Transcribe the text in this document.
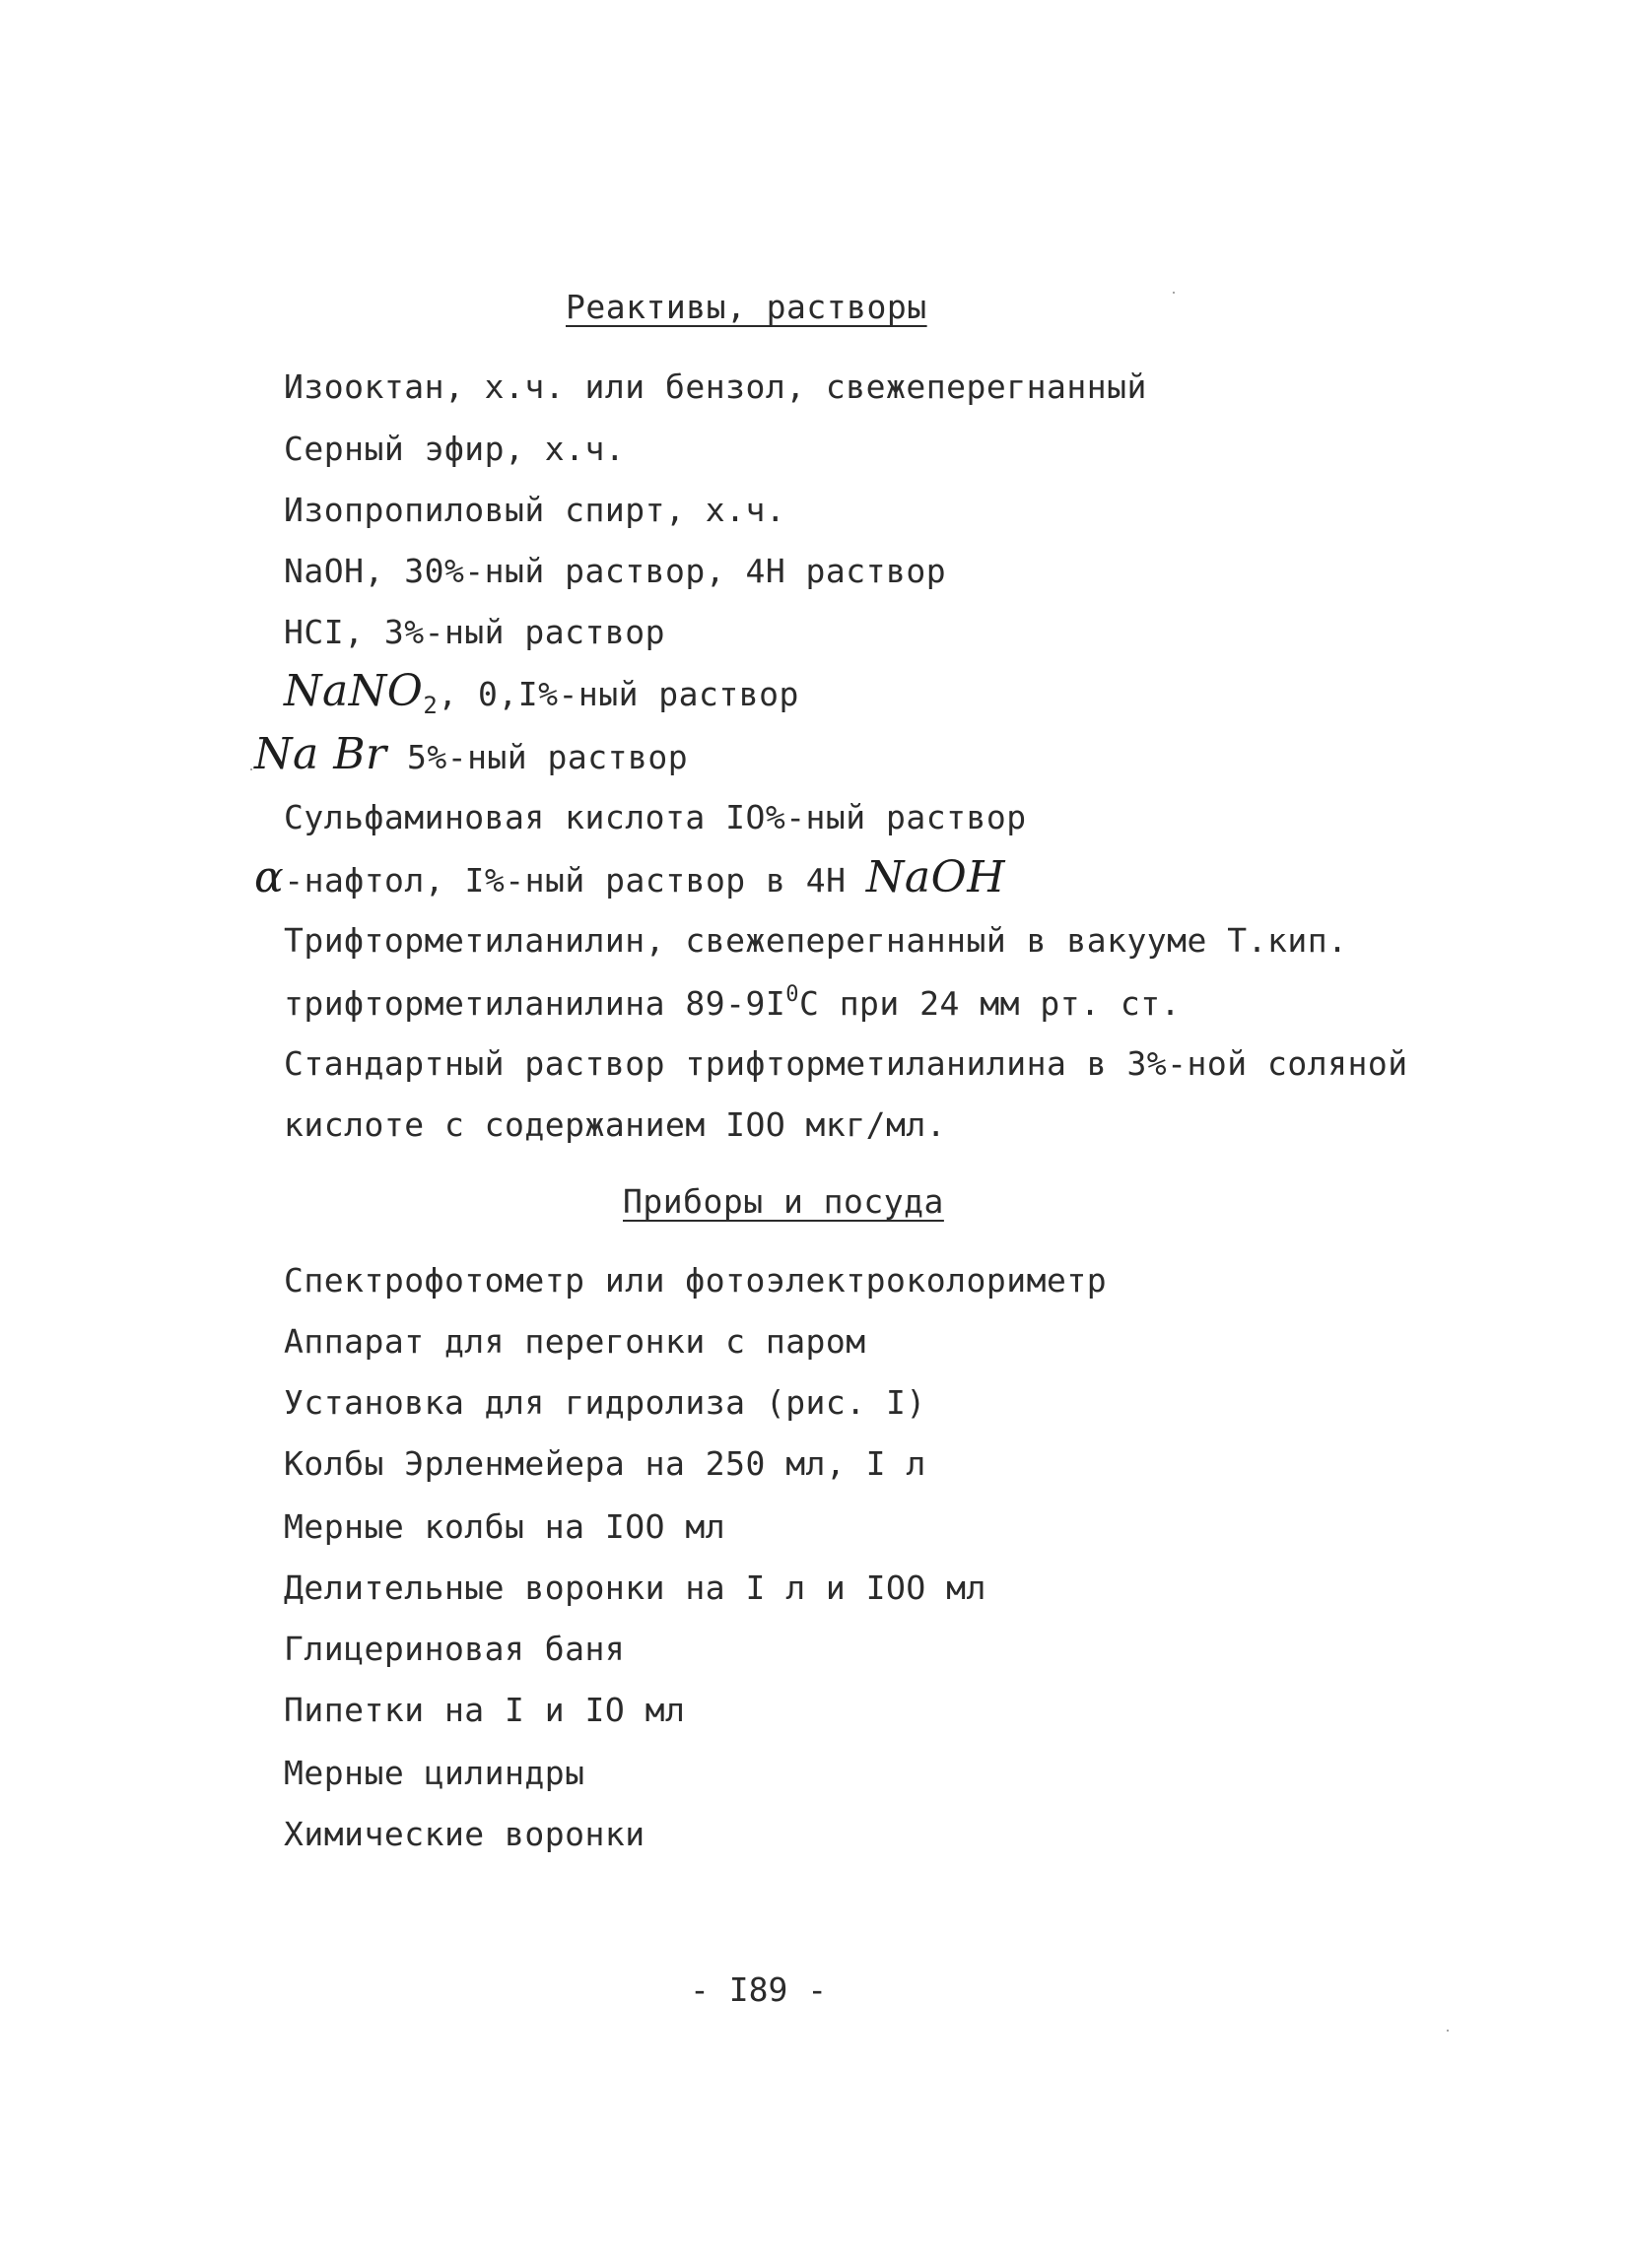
Реактивы, растворы
Изооктан, х.ч. или бензол, свежеперегнанный
Серный эфир, х.ч.
Изопропиловый спирт, х.ч.
NaOH, 30%-ный раствор, 4Н раствор
HCI, 3%-ный раствор
NaNO$_2$, 0,I%-ный раствор
Na Br 5%-ный раствор
Сульфаминовая кислота IO%-ный раствор
α-нафтол, I%-ный раствор в 4Н NaOH
Трифторметиланилин, свежеперегнанный в вакууме Т.кип.
трифторметиланилина $89-9I^0C$ при 24 мм рт. ст.
Стандартный раствор трифторметиланилина в 3%-ной соляной
кислоте с содержанием IOO мкг/мл.
Приборы и посуда
Спектрофотометр или фотоэлектроколориметр
Аппарат для перегонки с паром
Установка для гидролиза (рис. I)
Колбы Эрленмейера на 250 мл, I л
Мерные колбы на IOO мл
Делительные воронки на I л и IOO мл
Глицериновая баня
Пипетки на I и IO мл
Мерные цилиндры
Химические воронки
- I89 -
